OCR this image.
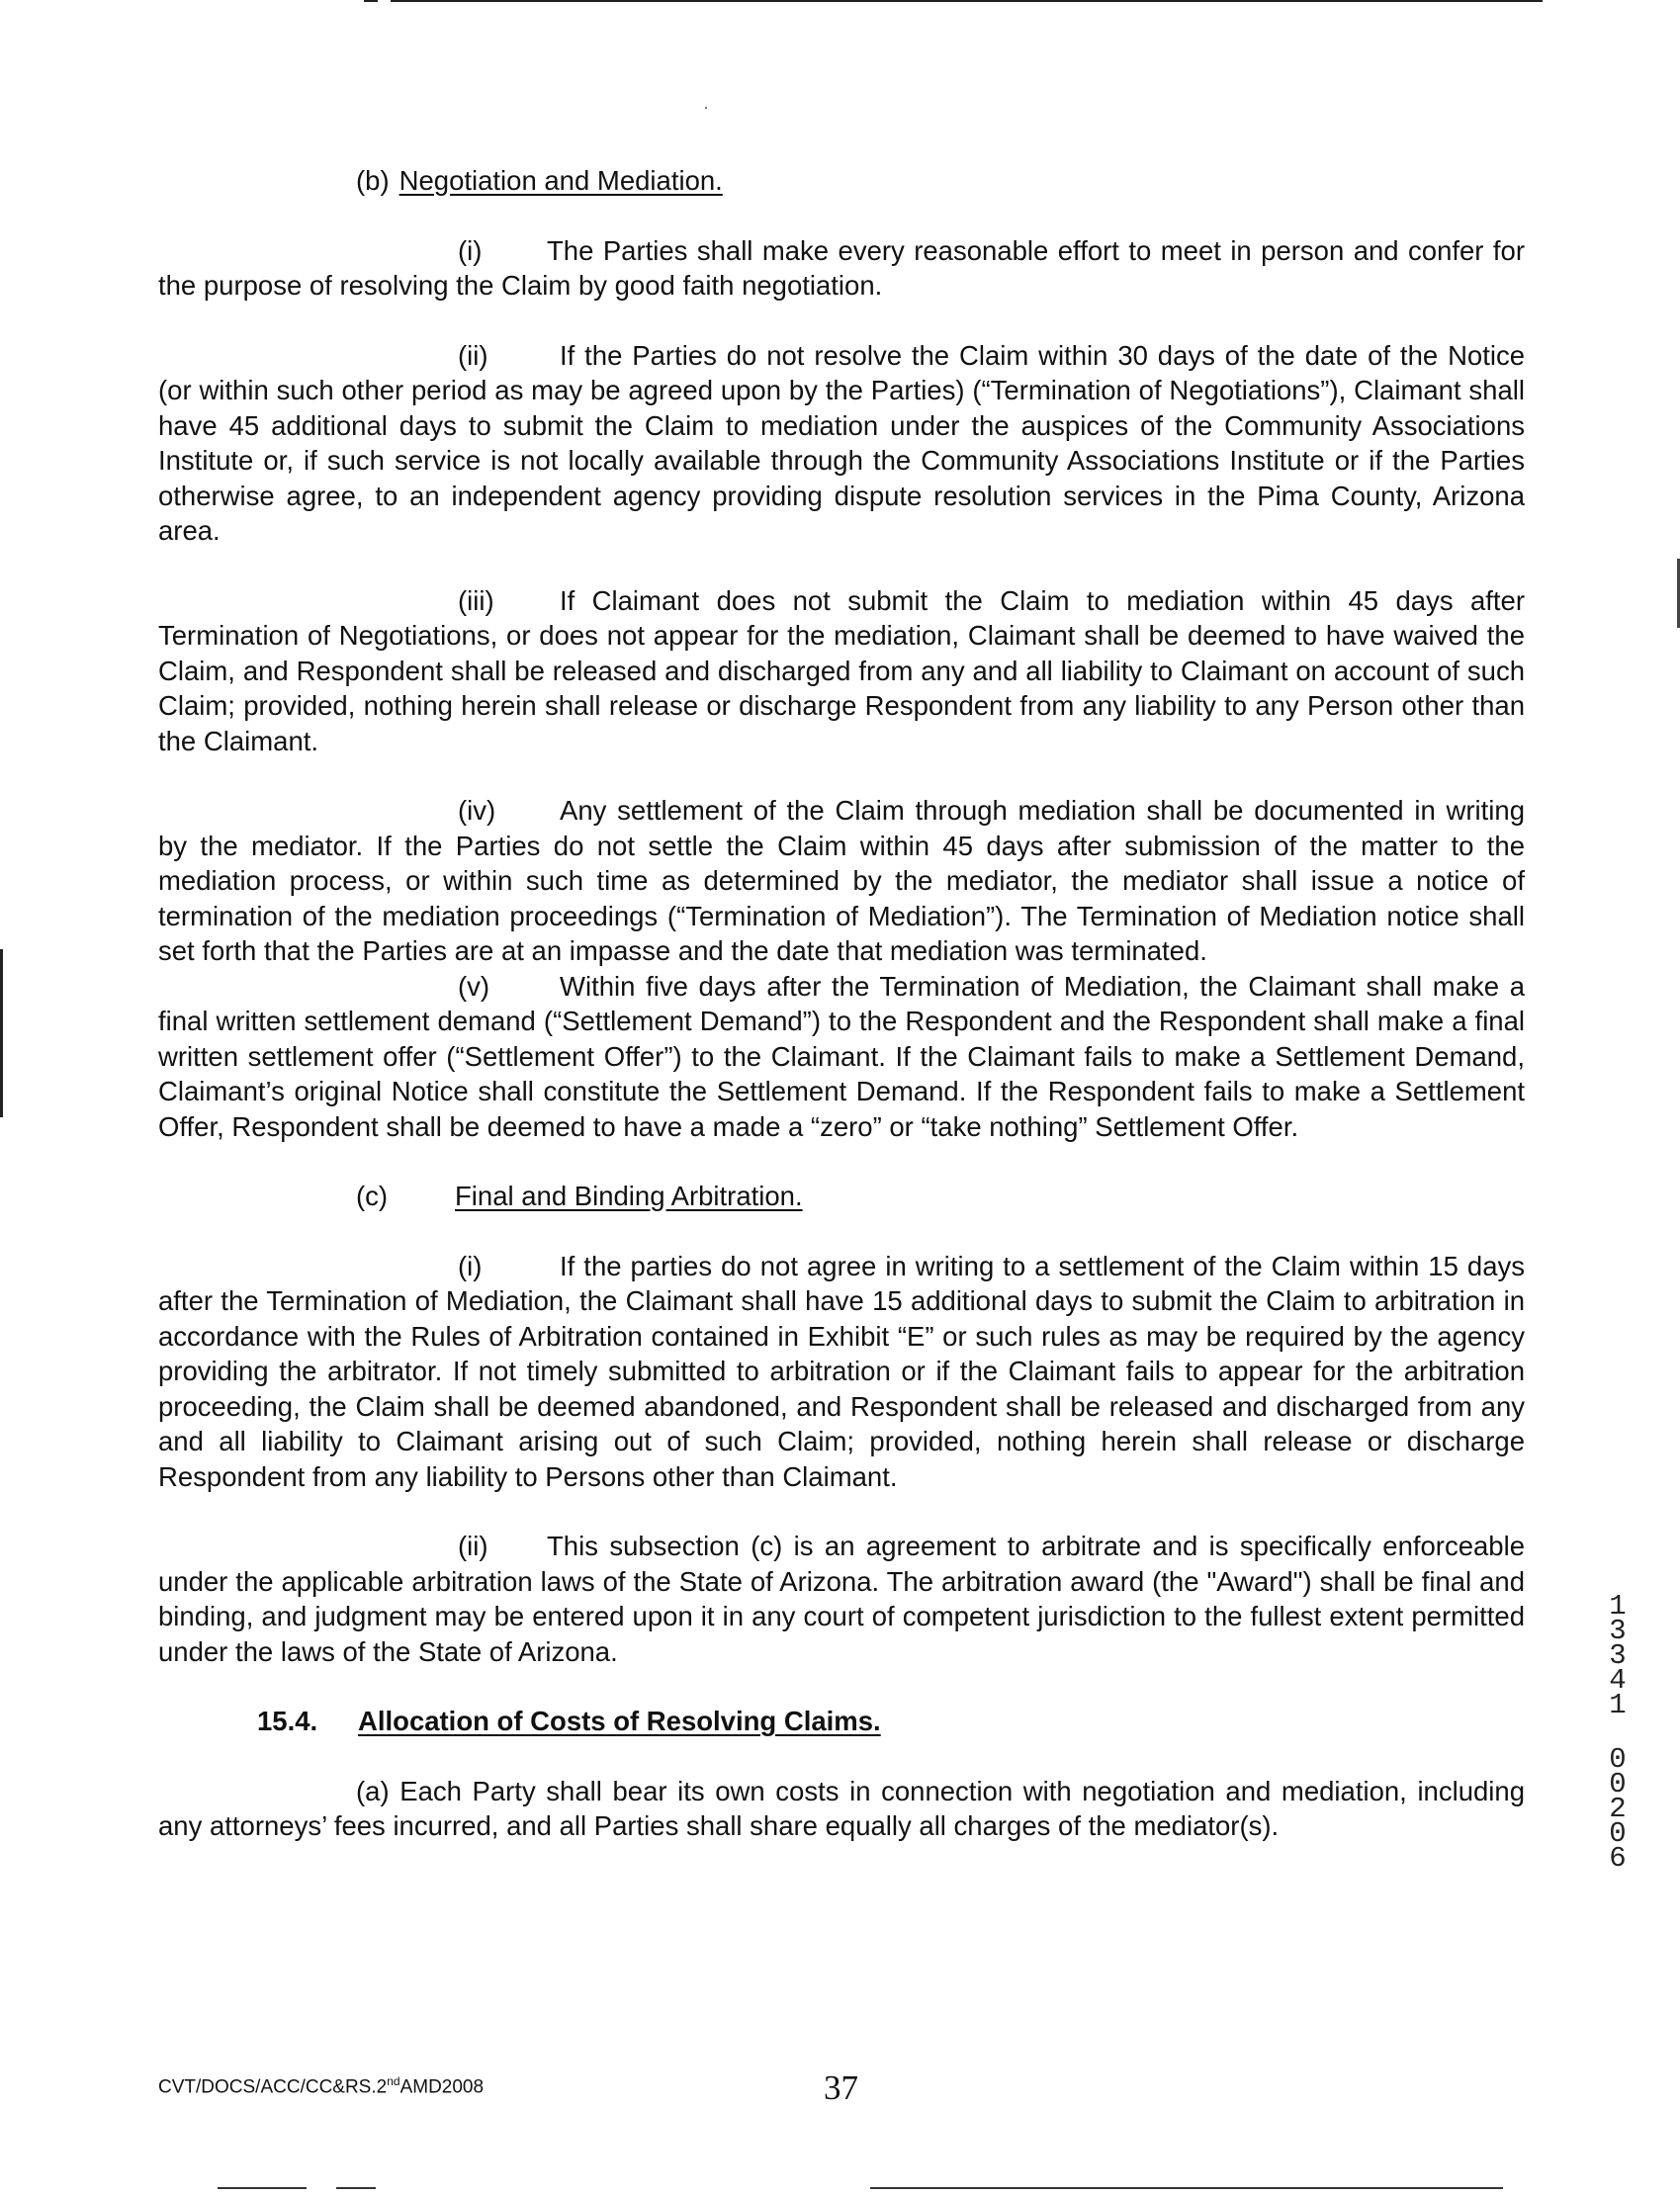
(b) Negotiation and Mediation.

(i) The Parties shall make every reasonable effort to meet in person and confer for the purpose of resolving the Claim by good faith negotiation.

(ii)	If the Parties do not resolve the Claim within 30 days of the date of the Notice (or within such other period as may be agreed upon by the Parties) (“Termination of Negotiations”), Claimant shall have 45 additional days to submit the Claim to mediation under the auspices of the Community Associations Institute or, if such service is not locally available through the Community Associations Institute or if the Parties otherwise agree, to an independent agency providing dispute resolution services in the Pima County, Arizona area.

(iii) If Claimant does not submit the Claim to mediation within 45 days after Termination of Negotiations, or does not appear for the mediation, Claimant shall be deemed to have waived the Claim, and Respondent shall be released and discharged from any and all liability to Claimant on account of such Claim; provided, nothing herein shall release or discharge Respondent from any liability to any Person other than the Claimant.

(iv) Any settlement of the Claim through mediation shall be documented in writing by the mediator. If the Parties do not settle the Claim within 45 days after submission of the matter to the mediation process, or within such time as determined by the mediator, the mediator shall issue a notice of termination of the mediation proceedings (“Termination of Mediation”). The Termination of Mediation notice shall set forth that the Parties are at an impasse and the date that mediation was terminated.

(v)	Within five days after the Termination of Mediation, the Claimant shall make a final written settlement demand (“Settlement Demand”) to the Respondent and the Respondent shall make a final written settlement offer (“Settlement Offer”) to the Claimant. If the Claimant fails to make a Settlement Demand, Claimant’s original Notice shall constitute the Settlement Demand. If the Respondent fails to make a Settlement Offer, Respondent shall be deemed to have a made a “zero” or “take nothing” Settlement Offer.

(c) Final and Binding Arbitration.

(i)	If the parties do not agree in writing to a settlement of the Claim within 15 days after the Termination of Mediation, the Claimant shall have 15 additional days to submit the Claim to arbitration in accordance with the Rules of Arbitration contained in Exhibit “E” or such rules as may be required by the agency providing the arbitrator. If not timely submitted to arbitration or if the Claimant fails to appear for the arbitration proceeding, the Claim shall be deemed abandoned, and Respondent shall be released and discharged from any and all liability to Claimant arising out of such Claim; provided, nothing herein shall release or discharge Respondent from any liability to Persons other than Claimant.

(ii) This subsection (c) is an agreement to arbitrate and is specifically enforceable under the applicable arbitration laws of the State of Arizona. The arbitration award (the "Award") shall be final and binding, and judgment may be entered upon it in any court of competent jurisdiction to the fullest extent permitted under the laws of the State of Arizona.

15.4. Allocation of Costs of Resolving Claims.

(a) Each Party shall bear its own costs in connection with negotiation and mediation, including any attorneys’ fees incurred, and all Parties shall share equally all charges of the mediator(s).

CVT/DOCS/ACC/CC&RS.2ndAMD2008	37
1
3
3
4
1
0
0
2
0
6
